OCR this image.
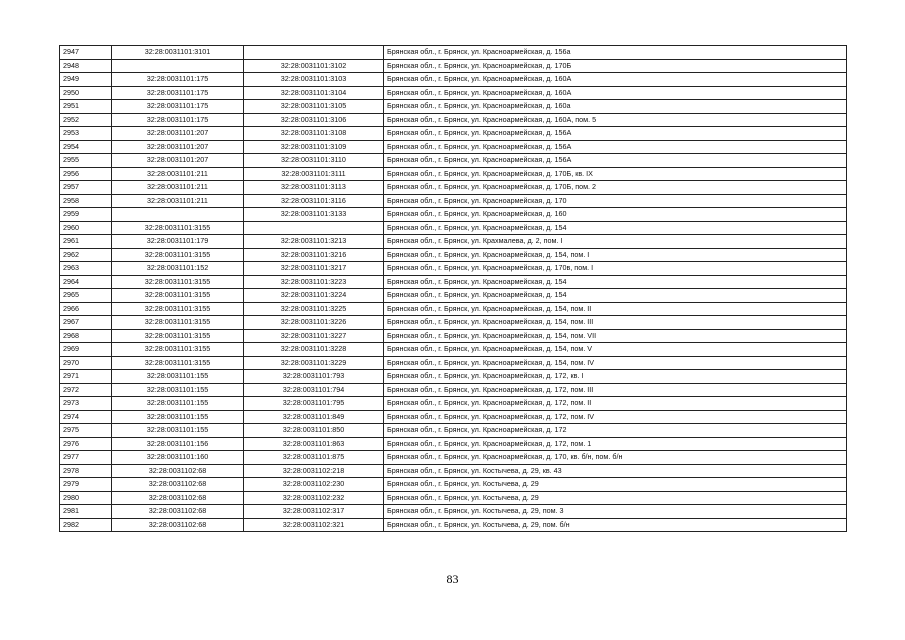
2947	32:28:0031101:3101		Брянская обл., г. Брянск, ул. Красноармейская, д. 156а
2948		32:28:0031101:3102	Брянская обл., г. Брянск, ул. Красноармейская, д. 170Б
2949	32:28:0031101:175	32:28:0031101:3103	Брянская обл., г. Брянск, ул. Красноармейская, д. 160А
2950	32:28:0031101:175	32:28:0031101:3104	Брянская обл., г. Брянск, ул. Красноармейская, д. 160А
2951	32:28:0031101:175	32:28:0031101:3105	Брянская обл., г. Брянск, ул. Красноармейская, д. 160а
2952	32:28:0031101:175	32:28:0031101:3106	Брянская обл., г. Брянск, ул. Красноармейская, д. 160А, пом. 5
2953	32:28:0031101:207	32:28:0031101:3108	Брянская обл., г. Брянск, ул. Красноармейская, д. 156А
2954	32:28:0031101:207	32:28:0031101:3109	Брянская обл., г. Брянск, ул. Красноармейская, д. 156А
2955	32:28:0031101:207	32:28:0031101:3110	Брянская обл., г. Брянск, ул. Красноармейская, д. 156А
2956	32:28:0031101:211	32:28:0031101:3111	Брянская обл., г. Брянск, ул. Красноармейская, д. 170Б, кв. IX
2957	32:28:0031101:211	32:28:0031101:3113	Брянская обл., г. Брянск, ул. Красноармейская, д. 170Б, пом. 2
2958	32:28:0031101:211	32:28:0031101:3116	Брянская обл., г. Брянск, ул. Красноармейская, д. 170
2959		32:28:0031101:3133	Брянская обл., г. Брянск, ул. Красноармейская, д. 160
2960	32:28:0031101:3155		Брянская обл., г. Брянск, ул. Красноармейская, д. 154
2961	32:28:0031101:179	32:28:0031101:3213	Брянская обл., г. Брянск, ул. Крахмалева, д. 2, пом. I
2962	32:28:0031101:3155	32:28:0031101:3216	Брянская обл., г. Брянск, ул. Красноармейская, д. 154, пом. I
2963	32:28:0031101:152	32:28:0031101:3217	Брянская обл., г. Брянск, ул. Красноармейская, д. 170в, пом. I
2964	32:28:0031101:3155	32:28:0031101:3223	Брянская обл., г. Брянск, ул. Красноармейская, д. 154
2965	32:28:0031101:3155	32:28:0031101:3224	Брянская обл., г. Брянск, ул. Красноармейская, д. 154
2966	32:28:0031101:3155	32:28:0031101:3225	Брянская обл., г. Брянск, ул. Красноармейская, д. 154, пом. II
2967	32:28:0031101:3155	32:28:0031101:3226	Брянская обл., г. Брянск, ул. Красноармейская, д. 154, пом. III
2968	32:28:0031101:3155	32:28:0031101:3227	Брянская обл., г. Брянск, ул. Красноармейская, д. 154, пом. VII
2969	32:28:0031101:3155	32:28:0031101:3228	Брянская обл., г. Брянск, ул. Красноармейская, д. 154, пом. V
2970	32:28:0031101:3155	32:28:0031101:3229	Брянская обл., г. Брянск, ул. Красноармейская, д. 154, пом. IV
2971	32:28:0031101:155	32:28:0031101:793	Брянская обл., г. Брянск, ул. Красноармейская, д. 172, кв. I
2972	32:28:0031101:155	32:28:0031101:794	Брянская обл., г. Брянск, ул. Красноармейская, д. 172, пом. III
2973	32:28:0031101:155	32:28:0031101:795	Брянская обл., г. Брянск, ул. Красноармейская, д. 172, пом. II
2974	32:28:0031101:155	32:28:0031101:849	Брянская обл., г. Брянск, ул. Красноармейская, д. 172, пом. IV
2975	32:28:0031101:155	32:28:0031101:850	Брянская обл., г. Брянск, ул. Красноармейская, д. 172
2976	32:28:0031101:156	32:28:0031101:863	Брянская обл., г. Брянск, ул. Красноармейская, д. 172, пом. 1
2977	32:28:0031101:160	32:28:0031101:875	Брянская обл., г. Брянск, ул. Красноармейская, д. 170, кв. б/н, пом. б/н
2978	32:28:0031102:68	32:28:0031102:218	Брянская обл., г. Брянск, ул. Костычева, д. 29, кв. 43
2979	32:28:0031102:68	32:28:0031102:230	Брянская обл., г. Брянск, ул. Костычева, д. 29
2980	32:28:0031102:68	32:28:0031102:232	Брянская обл., г. Брянск, ул. Костычева, д. 29
2981	32:28:0031102:68	32:28:0031102:317	Брянская обл., г. Брянск, ул. Костычева, д. 29, пом. 3
2982	32:28:0031102:68	32:28:0031102:321	Брянская обл., г. Брянск, ул. Костычева, д. 29, пом. б/н
83
